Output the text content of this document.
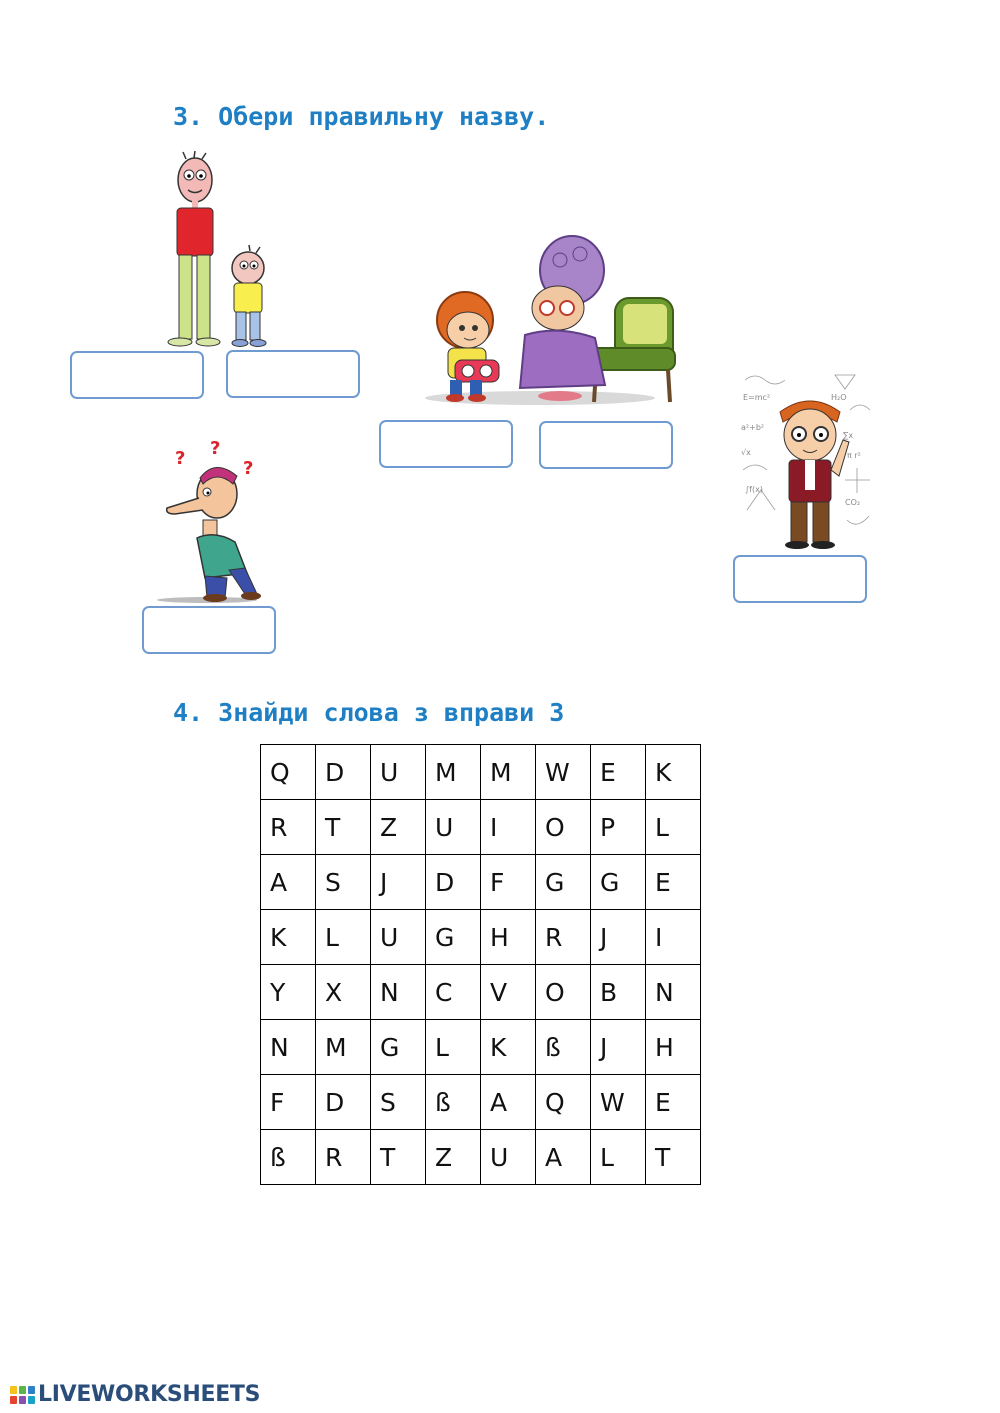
3. Обери правильну назву.
? ?
?
E=mc²	H₂O
a²+b²
∑x
√x	π r²
∫f(x)
CO₂
4. Знайди слова з вправи 3
Q	D	U	M	M	W	E	K
R	T	Z	U	I	O	P	L
A	S	J	D	F	G	G	E
K	L	U	G	H	R	J	I
Y	X	N	C	V	O	B	N
N	M	G	L	K	ß	J	H
F	D	S	ß	A	Q	W	E
ß	R	T	Z	U	A	L	T
LIVEWORKSHEETS
